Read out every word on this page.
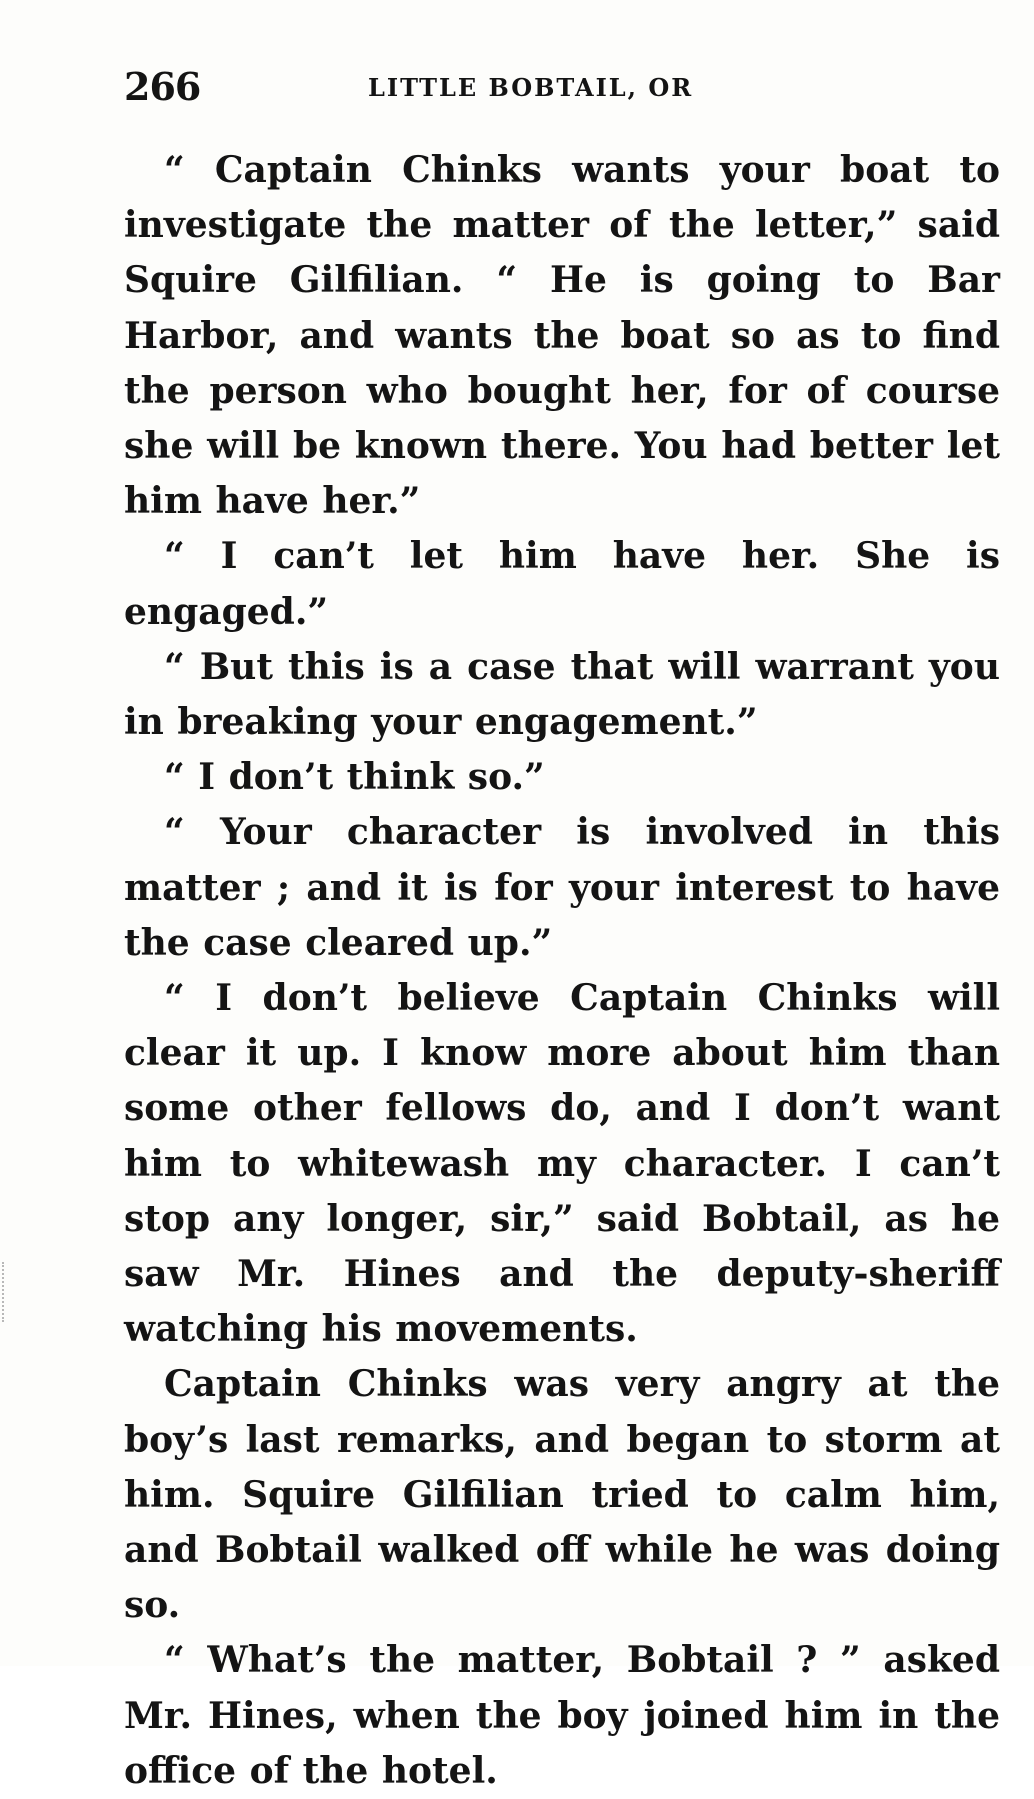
266	LITTLE BOBTAIL, OR

“ Captain Chinks wants your boat to investigate the matter of the letter,” said Squire Gilfilian. “ He is going to Bar Harbor, and wants the boat so as to find the person who bought her, for of course she will be known there. You had better let him have her.”

“ I can’t let him have her. She is engaged.”

“ But this is a case that will warrant you in breaking your engagement.”

“ I don’t think so.”

“ Your character is involved in this matter ; and it is for your interest to have the case cleared up.”

“ I don’t believe Captain Chinks will clear it up. I know more about him than some other fellows do, and I don’t want him to whitewash my character. I can’t stop any longer, sir,” said Bobtail, as he saw Mr. Hines and the deputy-sheriff watching his movements.

Captain Chinks was very angry at the boy’s last remarks, and began to storm at him. Squire Gilfilian tried to calm him, and Bobtail walked off while he was doing so.

“ What’s the matter, Bobtail ? ” asked Mr. Hines, when the boy joined him in the office of the hotel.
